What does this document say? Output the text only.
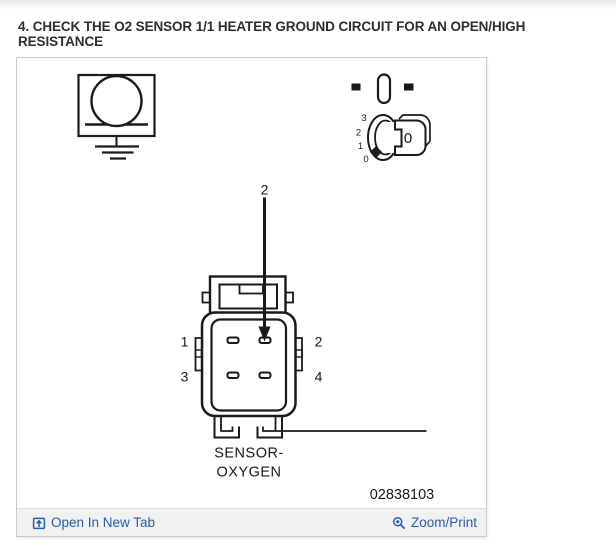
4. CHECK THE O2 SENSOR 1/1 HEATER GROUND CIRCUIT FOR AN OPEN/HIGH RESISTANCE
3
2
1
0
0
1	2
3	4
2
SENSOR-
OXYGEN
02838103
Open In New Tab	Zoom/Print
